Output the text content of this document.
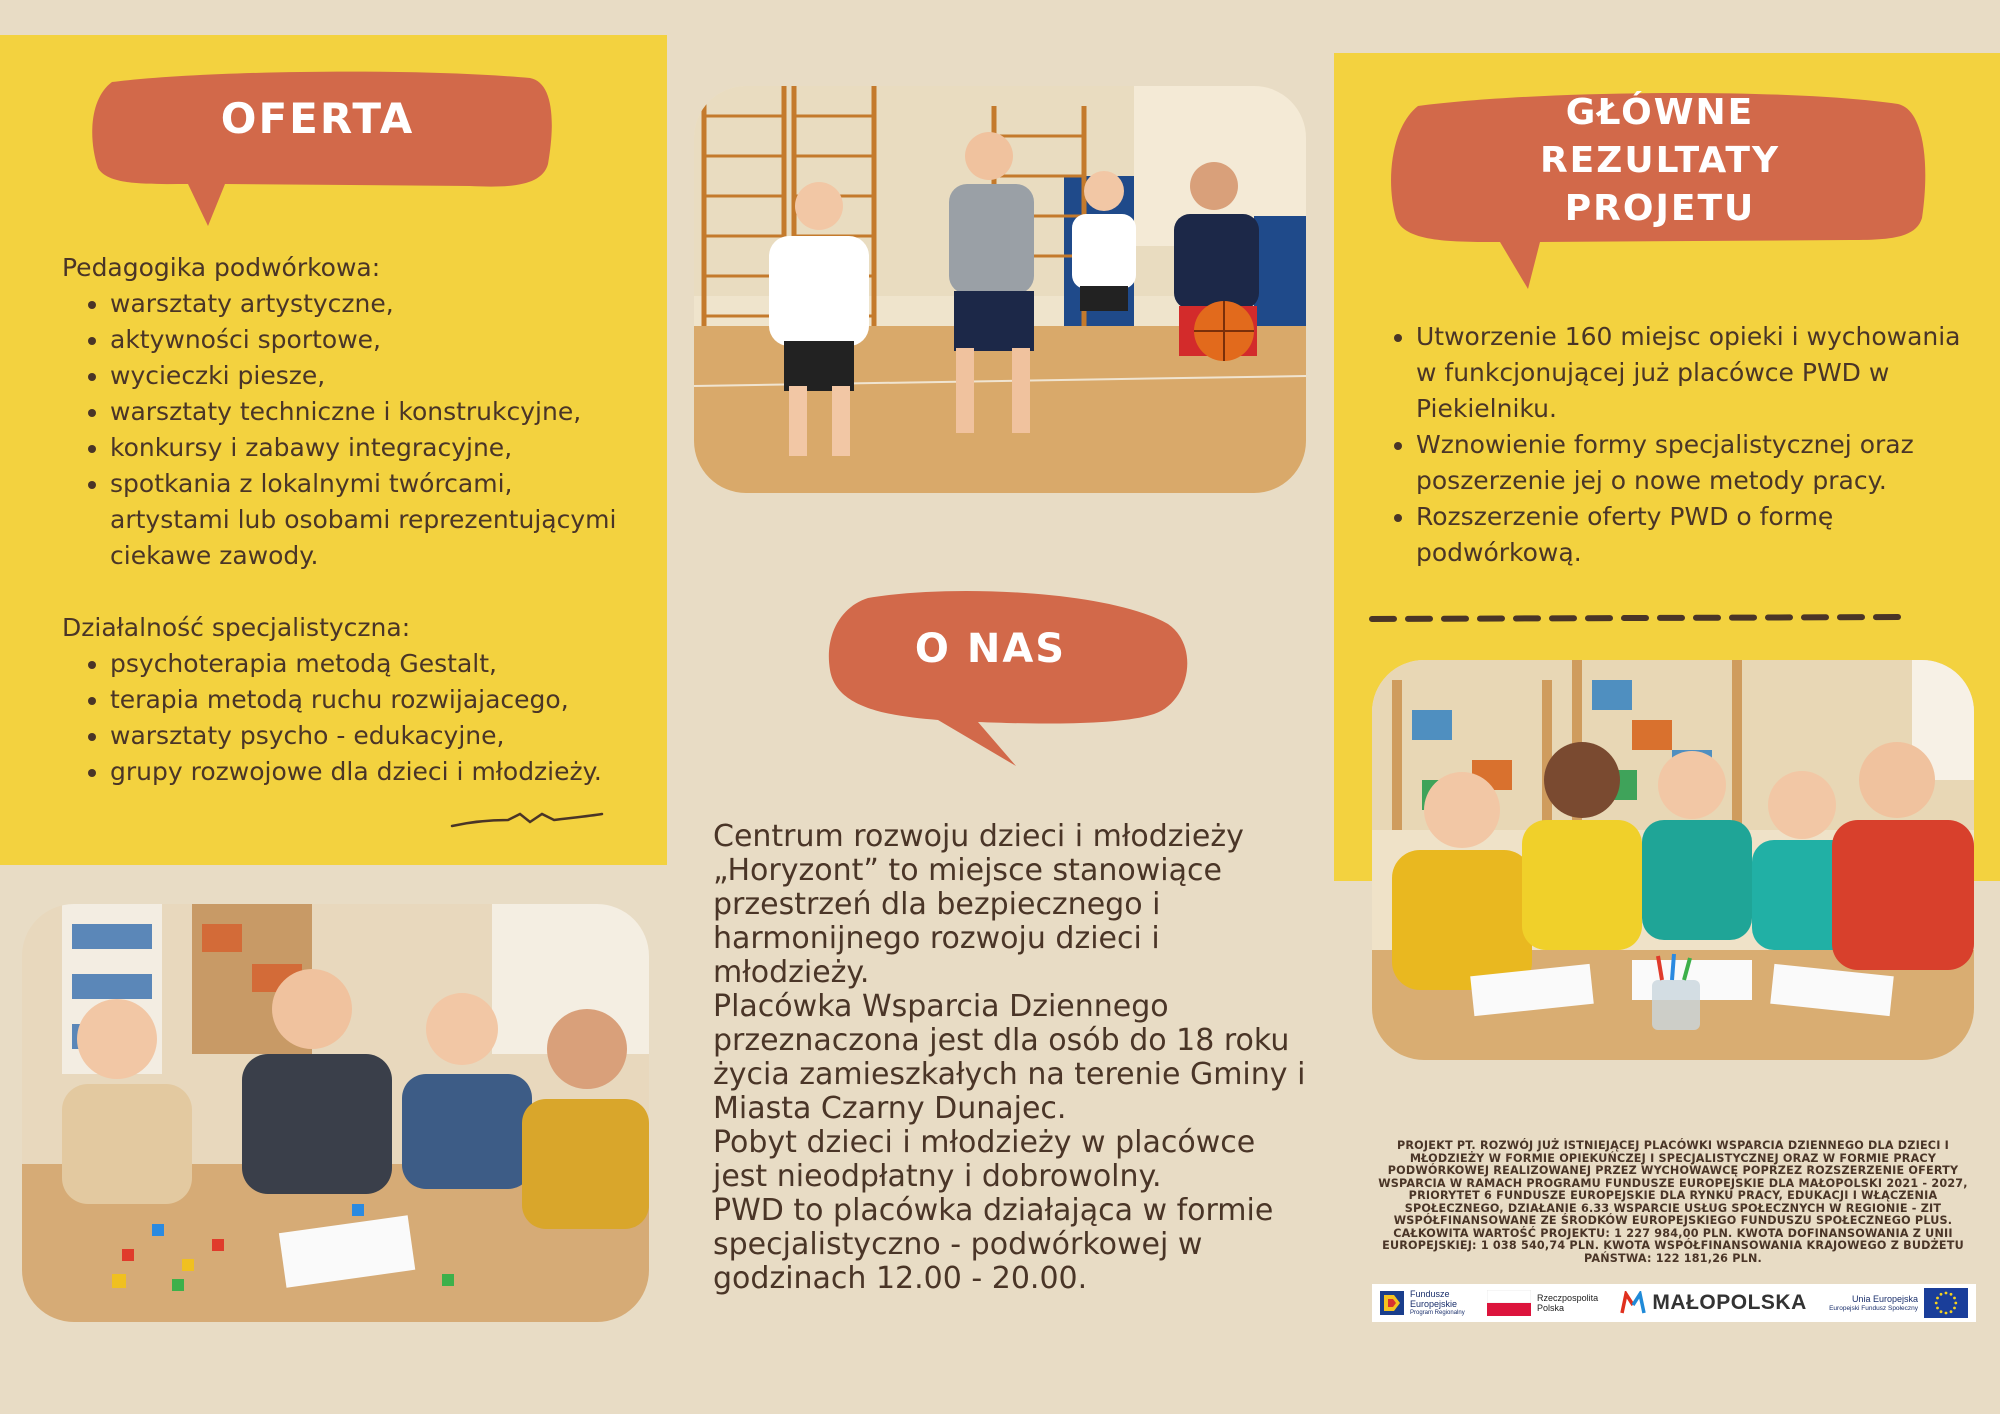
OFERTA

Pedagogika podwórkowa:

• warsztaty artystyczne,
• aktywności sportowe,
• wycieczki piesze,
• warsztaty techniczne i konstrukcyjne,
• konkursy i zabawy integracyjne,
• spotkania z lokalnymi twórcami, artystami lub osobami reprezentującymi ciekawe zawody.

Działalność specjalistyczna:

• psychoterapia metodą Gestalt,
• terapia metodą ruchu rozwijajacego,
• warsztaty psycho - edukacyjne,
• grupy rozwojowe dla dzieci i młodzieży.
O NAS

Centrum rozwoju dzieci i młodzieży „Horyzont” to miejsce stanowiące przestrzeń dla bezpiecznego i harmonijnego rozwoju dzieci i młodzieży.

Placówka Wsparcia Dziennego przeznaczona jest dla osób do 18 roku życia zamieszkałych na terenie Gminy i Miasta Czarny Dunajec.

Pobyt dzieci i młodzieży w placówce jest nieodpłatny i dobrowolny.

PWD to placówka działająca w formie specjalistyczno - podwórkowej w godzinach 12.00 - 20.00.

GŁÓWNE
REZULTATY
PROJETU
• Utworzenie 160 miejsc opieki i wychowania w funkcjonującej już placówce PWD w Piekielniku.
• Wznowienie formy specjalistycznej oraz poszerzenie jej o nowe metody pracy.
• Rozszerzenie oferty PWD o formę podwórkową.
PROJEKT PT. ROZWÓJ JUŻ ISTNIEJĄCEJ PLACÓWKI WSPARCIA DZIENNEGO DLA DZIECI I MŁODZIEŻY W FORMIE OPIEKUŃCZEJ I SPECJALISTYCZNEJ ORAZ W FORMIE PRACY PODWÓRKOWEJ REALIZOWANEJ PRZEZ WYCHOWAWCĘ POPRZEZ ROZSZERZENIE OFERTY WSPARCIA W RAMACH PROGRAMU FUNDUSZE EUROPEJSKIE DLA MAŁOPOLSKI 2021 - 2027, PRIORYTET 6 FUNDUSZE EUROPEJSKIE DLA RYNKU PRACY, EDUKACJI I WŁĄCZENIA SPOŁECZNEGO, DZIAŁANIE 6.33 WSPARCIE USŁUG SPOŁECZNYCH W REGIONIE - ZIT WSPÓŁFINANSOWANE ZE ŚRODKÓW EUROPEJSKIEGO FUNDUSZU SPOŁECZNEGO PLUS. CAŁKOWITA WARTOŚĆ PROJEKTU: 1 227 984,00 PLN. KWOTA DOFINANSOWANIA Z UNII EUROPEJSKIEJ: 1 038 540,74 PLN. KWOTA WSPÓŁFINANSOWANIA KRAJOWEGO Z BUDŻETU PAŃSTWA: 122 181,26 PLN.
Fundusze
Europejskie
Program Regionalny
Rzeczpospolita
Polska	MAŁOPOLSKA	Unia Europejska
Europejski Fundusz Społeczny
